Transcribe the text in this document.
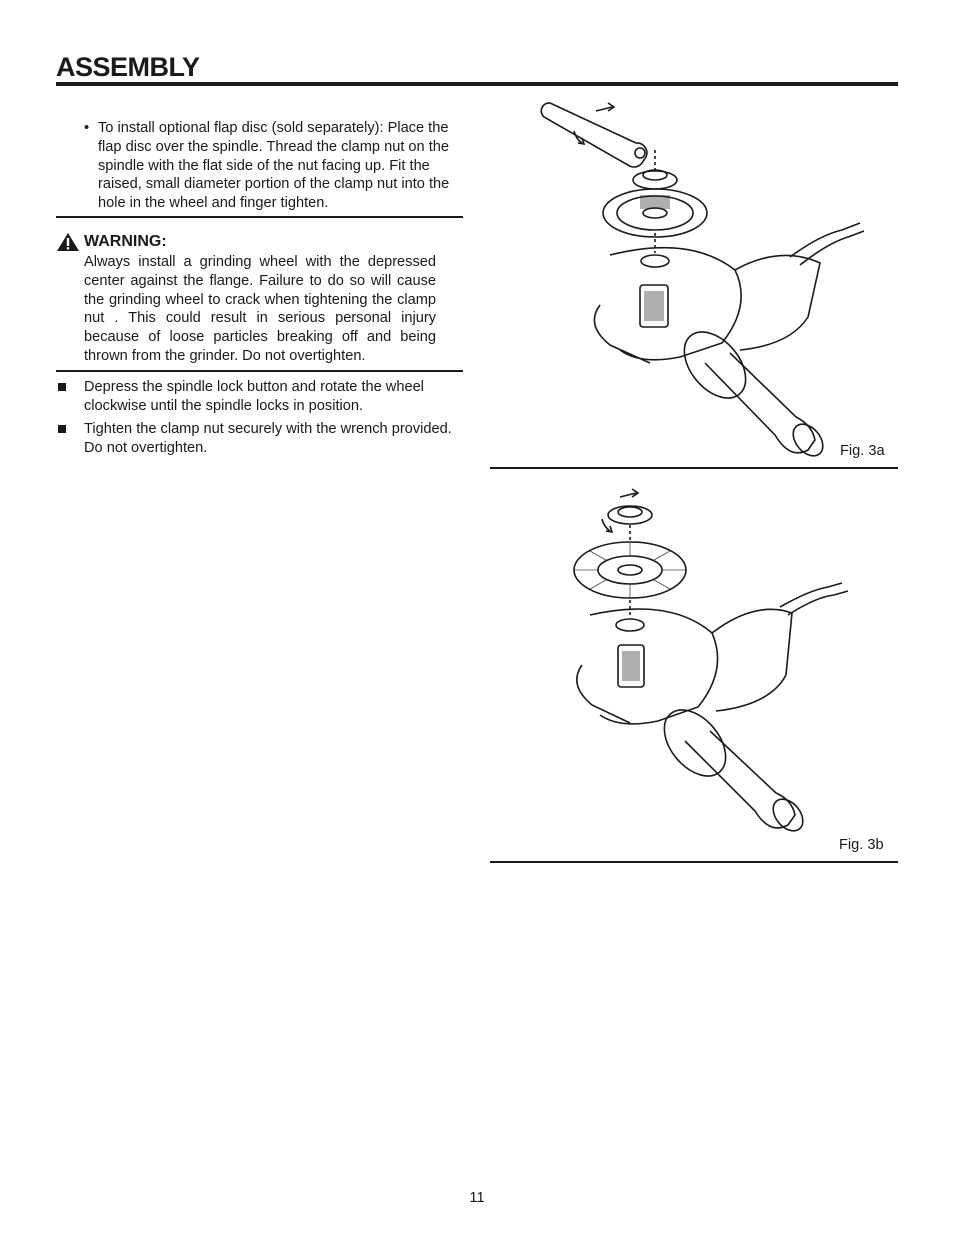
ASSEMBLY
• To install optional flap disc (sold separately): Place the flap disc over the spindle. Thread the clamp nut on the spindle with the flat side of the nut facing up. Fit the raised, small diameter portion of the clamp nut into the hole in the wheel and finger tighten.
WARNING:
Always install a grinding wheel with the depressed center against the flange. Failure to do so will cause the grinding wheel to crack when tightening the clamp nut . This could result in serious personal injury because of loose particles breaking off and being thrown from the grinder. Do not overtighten.
Depress the spindle lock button and rotate the wheel clockwise until the spindle locks in position.
Tighten the clamp nut securely with the wrench provided. Do not overtighten.	Fig. 3a
Fig. 3b
11
